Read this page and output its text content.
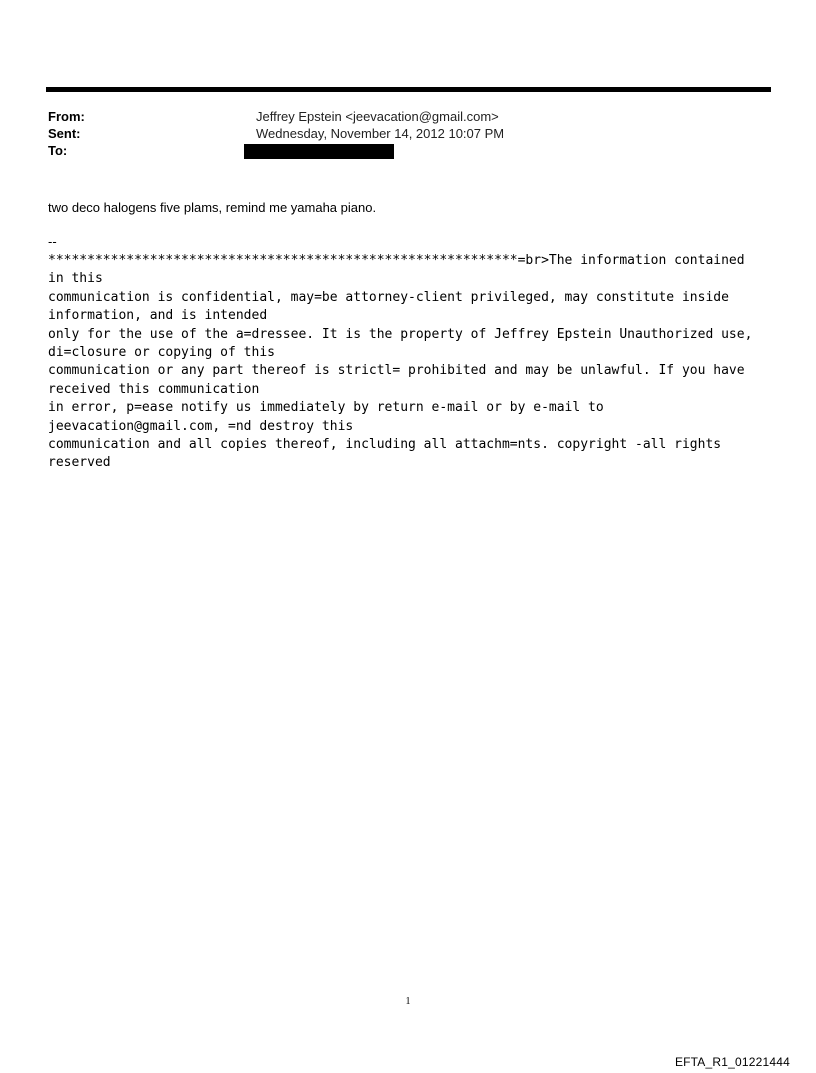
From:	Jeffrey Epstein <jeevacation@gmail.com>
Sent:	Wednesday, November 14, 2012 10:07 PM
To:
two deco halogens five plams, remind me yamaha piano.
--
************************************************************=br>The information contained in this
communication is confidential, may=be attorney-client privileged, may constitute inside information, and is intended
only for the use of the a=dressee. It is the property of Jeffrey Epstein Unauthorized use, di=closure or copying of this
communication or any part thereof is strictl= prohibited and may be unlawful. If you have received this communication
in error, p=ease notify us immediately by return e-mail or by e-mail to jeevacation@gmail.com, =nd destroy this
communication and all copies thereof, including all attachm=nts. copyright -all rights reserved
1
EFTA_R1_01221444
